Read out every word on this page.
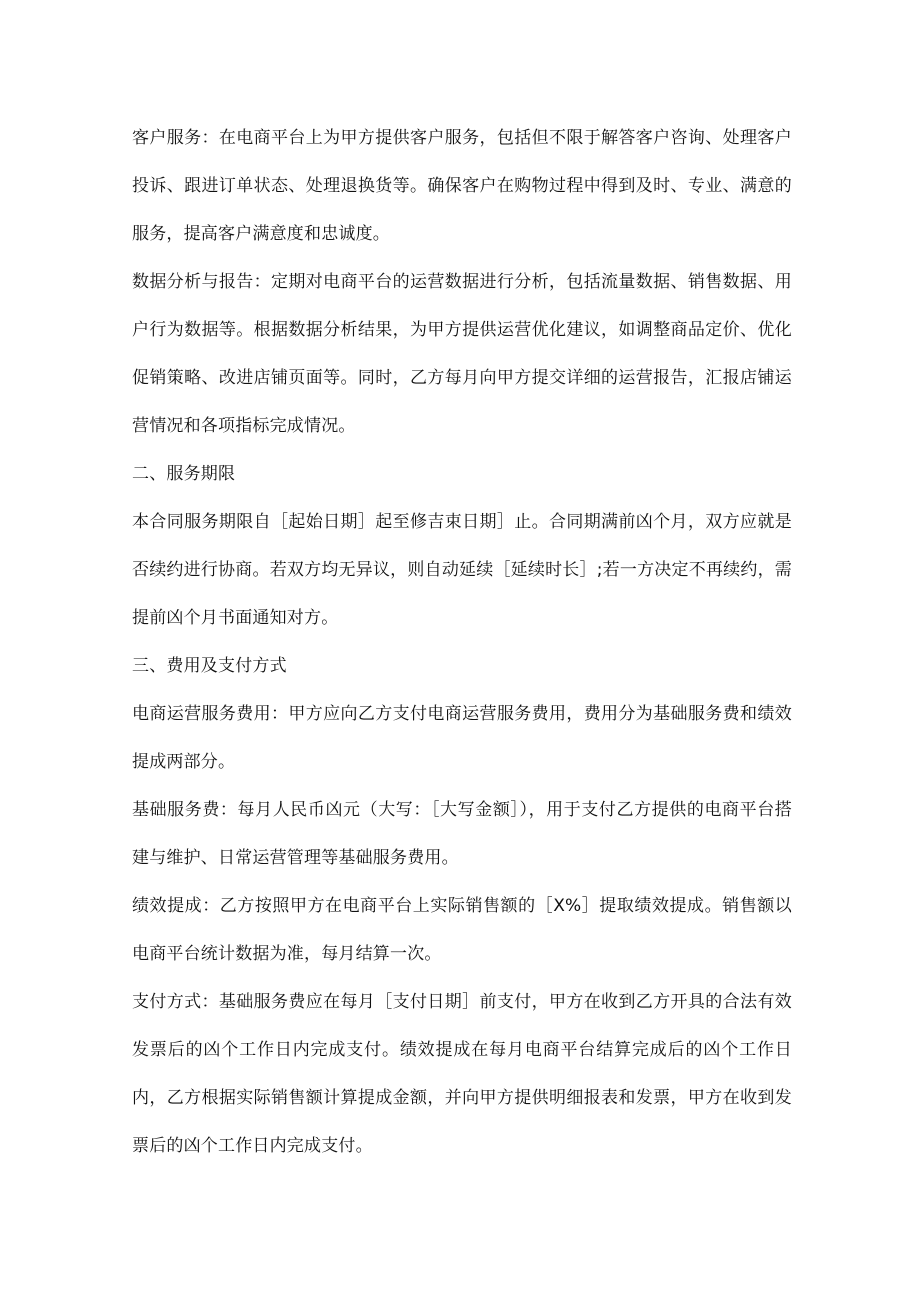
客户服务：在电商平台上为甲方提供客户服务，包括但不限于解答客户咨询、处理客户投诉、跟进订单状态、处理退换货等。确保客户在购物过程中得到及时、专业、满意的服务，提高客户满意度和忠诚度。

数据分析与报告：定期对电商平台的运营数据进行分析，包括流量数据、销售数据、用户行为数据等。根据数据分析结果，为甲方提供运营优化建议，如调整商品定价、优化促销策略、改进店铺页面等。同时，乙方每月向甲方提交详细的运营报告，汇报店铺运营情况和各项指标完成情况。

二、服务期限

本合同服务期限自［起始日期］起至修吉束日期］止。合同期满前凶个月，双方应就是否续约进行协商。若双方均无异议，则自动延续［延续时长］;若一方决定不再续约，需提前凶个月书面通知对方。

三、费用及支付方式

电商运营服务费用：甲方应向乙方支付电商运营服务费用，费用分为基础服务费和绩效提成两部分。

基础服务费：每月人民币凶元（大写：［大写金额］），用于支付乙方提供的电商平台搭建与维护、日常运营管理等基础服务费用。

绩效提成：乙方按照甲方在电商平台上实际销售额的［X%］提取绩效提成。销售额以电商平台统计数据为准，每月结算一次。

支付方式：基础服务费应在每月［支付日期］前支付，甲方在收到乙方开具的合法有效发票后的凶个工作日内完成支付。绩效提成在每月电商平台结算完成后的凶个工作日内，乙方根据实际销售额计算提成金额，并向甲方提供明细报表和发票，甲方在收到发票后的凶个工作日内完成支付。
